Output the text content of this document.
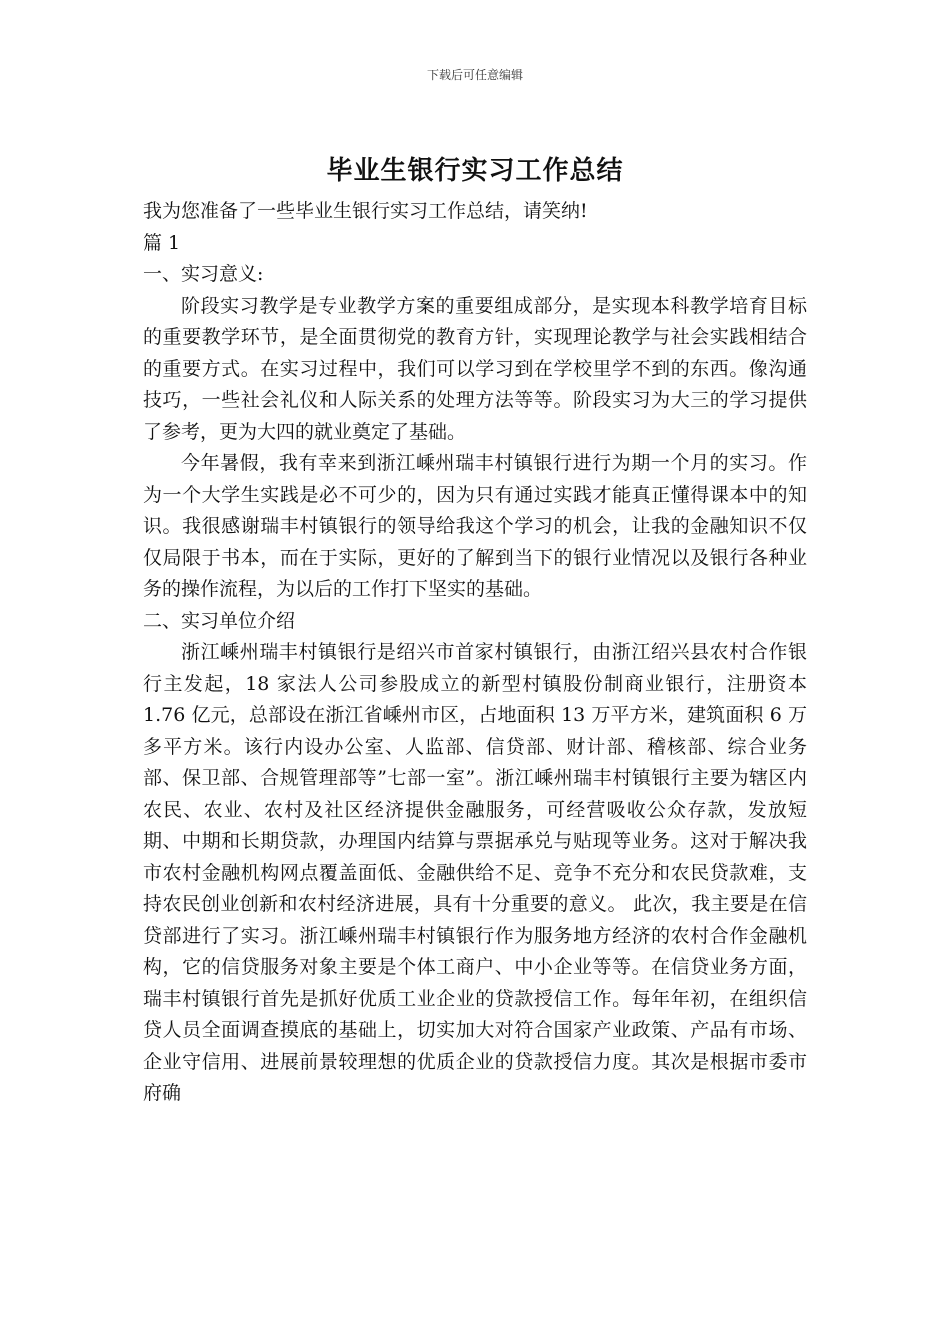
下载后可任意编辑
毕业生银行实习工作总结

我为您准备了一些毕业生银行实习工作总结，请笑纳!

篇 1

一、实习意义:

阶段实习教学是专业教学方案的重要组成部分，是实现本科教学培育目标的重要教学环节，是全面贯彻党的教育方针，实现理论教学与社会实践相结合的重要方式。在实习过程中，我们可以学习到在学校里学不到的东西。像沟通技巧，一些社会礼仪和人际关系的处理方法等等。阶段实习为大三的学习提供了参考，更为大四的就业奠定了基础。

今年暑假，我有幸来到浙江嵊州瑞丰村镇银行进行为期一个月的实习。作为一个大学生实践是必不可少的，因为只有通过实践才能真正懂得课本中的知识。我很感谢瑞丰村镇银行的领导给我这个学习的机会，让我的金融知识不仅仅局限于书本，而在于实际，更好的了解到当下的银行业情况以及银行各种业务的操作流程，为以后的工作打下坚实的基础。

二、实习单位介绍

浙江嵊州瑞丰村镇银行是绍兴市首家村镇银行，由浙江绍兴县农村合作银行主发起，18 家法人公司参股成立的新型村镇股份制商业银行，注册资本 1.76 亿元，总部设在浙江省嵊州市区，占地面积 13 万平方米，建筑面积 6 万多平方米。该行内设办公室、人监部、信贷部、财计部、稽核部、综合业务部、保卫部、合规管理部等”七部一室”。浙江嵊州瑞丰村镇银行主要为辖区内农民、农业、农村及社区经济提供金融服务，可经营吸收公众存款，发放短期、中期和长期贷款，办理国内结算与票据承兑与贴现等业务。这对于解决我市农村金融机构网点覆盖面低、金融供给不足、竞争不充分和农民贷款难，支持农民创业创新和农村经济进展，具有十分重要的意义。 此次，我主要是在信贷部进行了实习。浙江嵊州瑞丰村镇银行作为服务地方经济的农村合作金融机构，它的信贷服务对象主要是个体工商户、中小企业等等。在信贷业务方面，瑞丰村镇银行首先是抓好优质工业企业的贷款授信工作。每年年初，在组织信贷人员全面调查摸底的基础上，切实加大对符合国家产业政策、产品有市场、企业守信用、进展前景较理想的优质企业的贷款授信力度。其次是根据市委市府确
